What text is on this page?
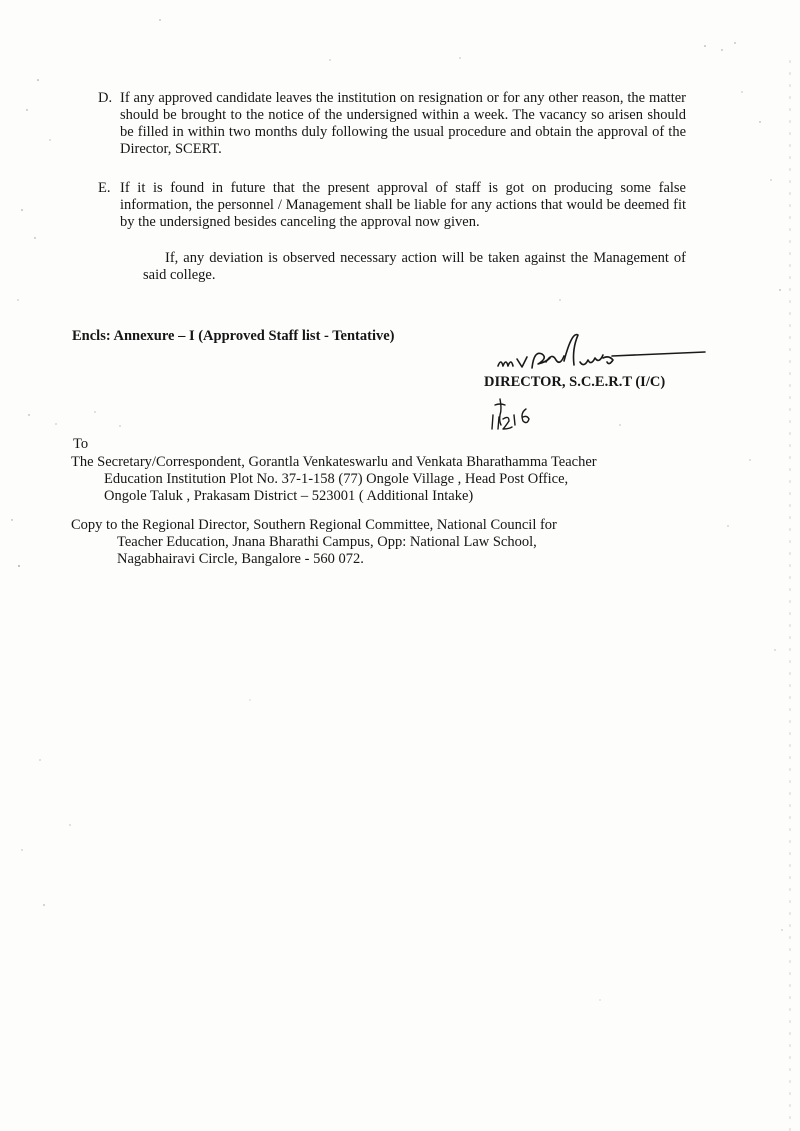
D. If any approved candidate leaves the institution on resignation or for any other reason, the matter should be brought to the notice of the undersigned within a week. The vacancy so arisen should be filled in within two months duly following the usual procedure and obtain the approval of the Director, SCERT.
E. If it is found in future that the present approval of staff is got on producing some false information, the personnel / Management shall be liable for any actions that would be deemed fit by the undersigned besides canceling the approval now given.
If, any deviation is observed necessary action will be taken against the Management of said college.
Encls: Annexure – I (Approved Staff list - Tentative)
DIRECTOR, S.C.E.R.T (I/C)
To
The Secretary/Correspondent, Gorantla Venkateswarlu and Venkata Bharathamma Teacher
Education Institution Plot No. 37-1-158 (77) Ongole Village , Head Post Office,
Ongole Taluk , Prakasam District – 523001 ( Additional Intake)
Copy to the Regional Director, Southern Regional Committee, National Council for
Teacher Education, Jnana Bharathi Campus, Opp: National Law School,
Nagabhairavi Circle, Bangalore - 560 072.
